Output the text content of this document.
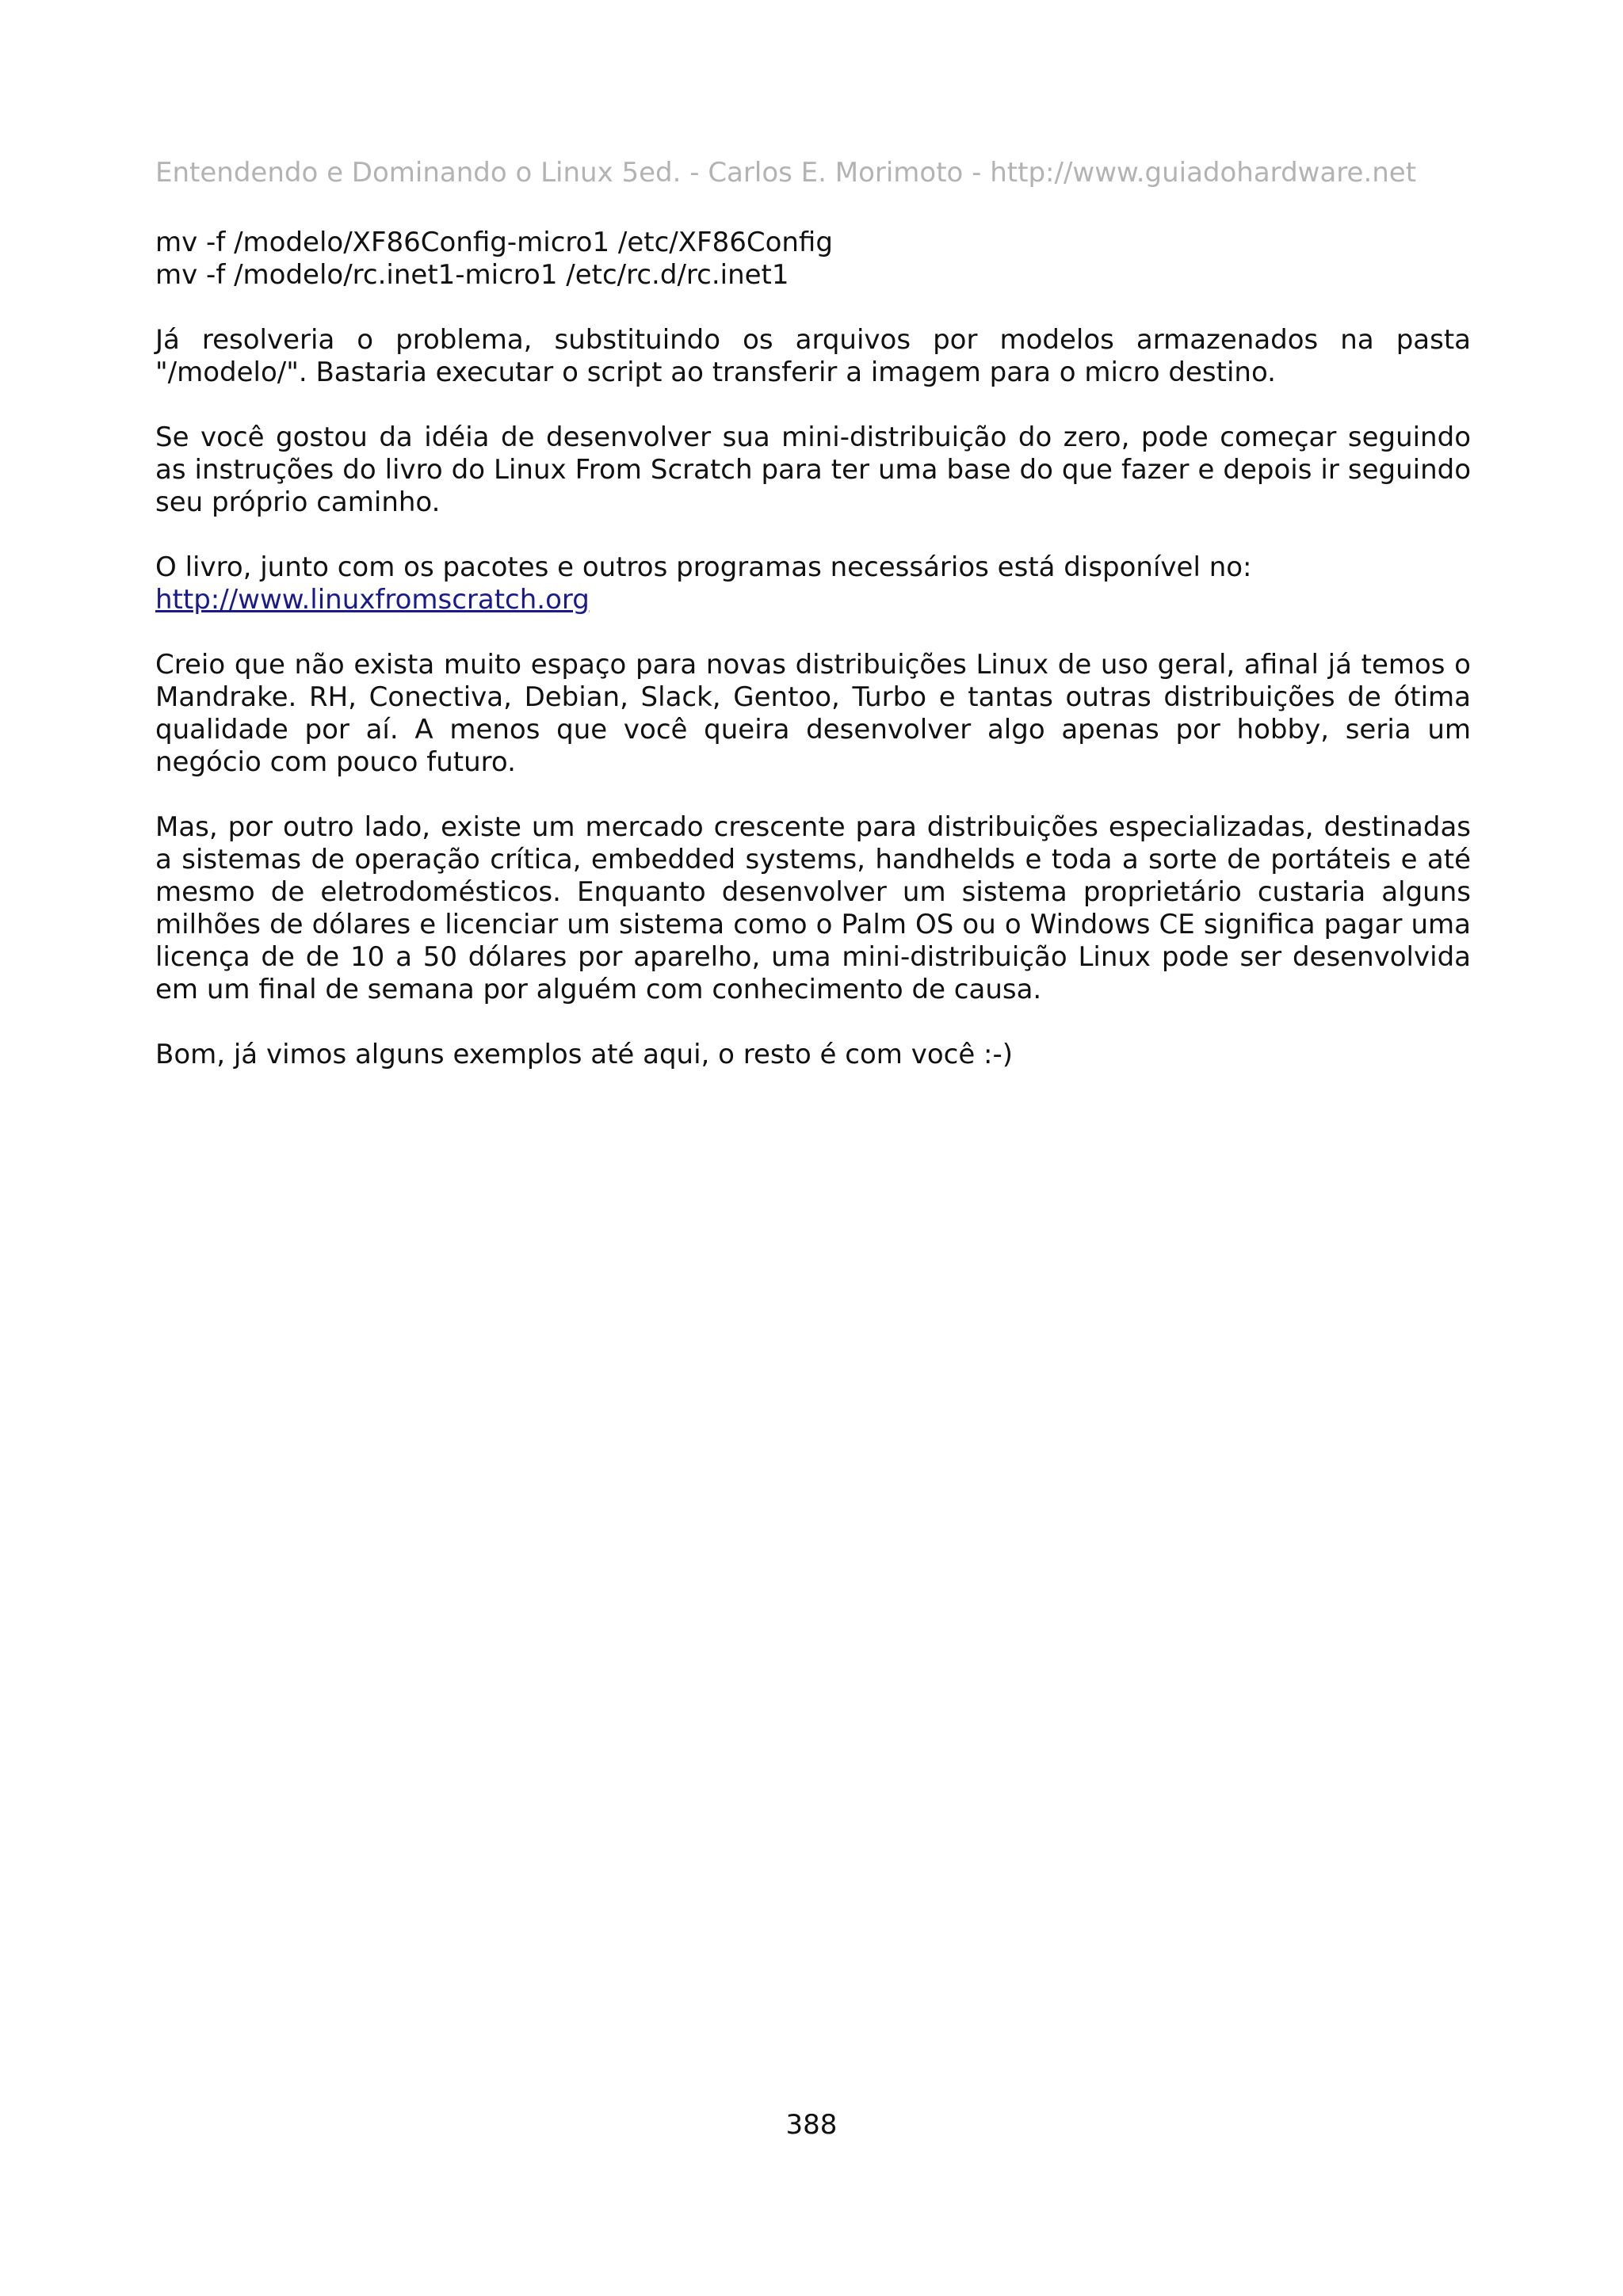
Entendendo e Dominando o Linux 5ed. - Carlos E. Morimoto - http://www.guiadohardware.net
mv -f /modelo/XF86Config-micro1 /etc/XF86Config
mv -f /modelo/rc.inet1-micro1 /etc/rc.d/rc.inet1

Já resolveria o problema, substituindo os arquivos por modelos armazenados na pasta "/modelo/". Bastaria executar o script ao transferir a imagem para o micro destino.

Se você gostou da idéia de desenvolver sua mini-distribuição do zero, pode começar seguindo as instruções do livro do Linux From Scratch para ter uma base do que fazer e depois ir seguindo seu próprio caminho.

O livro, junto com os pacotes e outros programas necessários está disponível no:
http://www.linuxfromscratch.org

Creio que não exista muito espaço para novas distribuições Linux de uso geral, afinal já temos o Mandrake. RH, Conectiva, Debian, Slack, Gentoo, Turbo e tantas outras distribuições de ótima qualidade por aí. A menos que você queira desenvolver algo apenas por hobby, seria um negócio com pouco futuro.

Mas, por outro lado, existe um mercado crescente para distribuições especializadas, destinadas a sistemas de operação crítica, embedded systems, handhelds e toda a sorte de portáteis e até mesmo de eletrodomésticos. Enquanto desenvolver um sistema proprietário custaria alguns milhões de dólares e licenciar um sistema como o Palm OS ou o Windows CE significa pagar uma licença de de 10 a 50 dólares por aparelho, uma mini-distribuição Linux pode ser desenvolvida em um final de semana por alguém com conhecimento de causa.

Bom, já vimos alguns exemplos até aqui, o resto é com você :-)

388
